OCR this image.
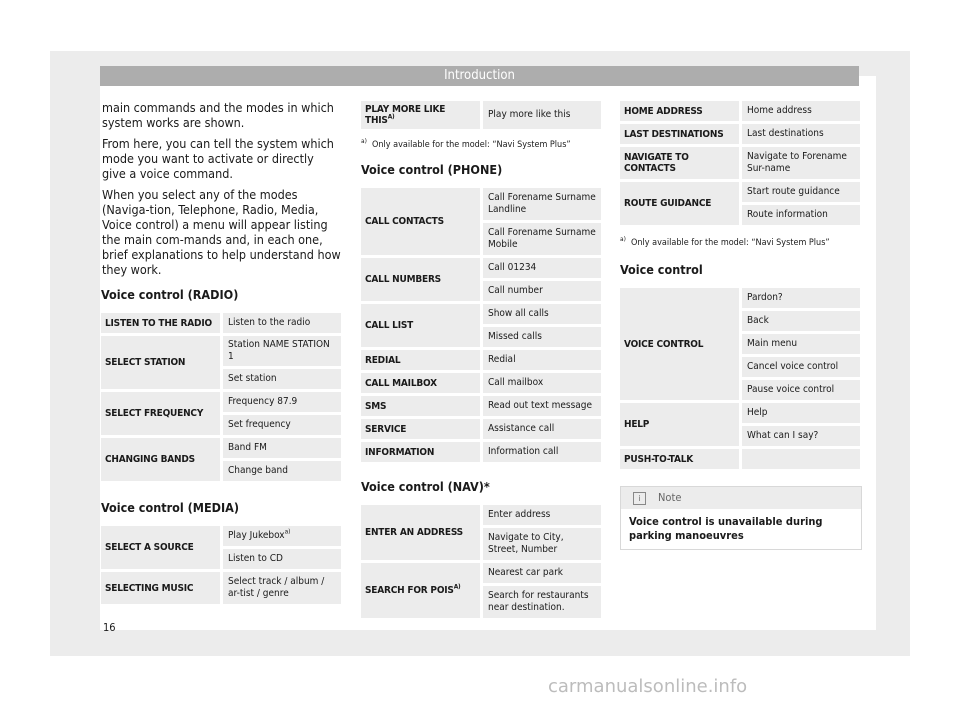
Introduction

main commands and the modes in which system works are shown.

From here, you can tell the system which mode you want to activate or directly give a voice command.

When you select any of the modes (Naviga-tion, Telephone, Radio, Media, Voice control) a menu will appear listing the main com-mands and, in each one, brief explanations to help understand how they work.

Voice control (RADIO)
LISTEN TO THE RADIO	Listen to the radio
SELECT STATION	Station NAME STATION 1
	Set station
SELECT FREQUENCY	Frequency 87.9
	Set frequency
CHANGING BANDS	Band FM
	Change band
Voice control (MEDIA)
SELECT A SOURCE	Play Jukebox$^{a)}$
	Listen to CD
SELECTING MUSIC	Select track / album / ar-tist / genre
PLAY MORE LIKE $THIS^{A)}$	Play more like this
$^{a)}$ Only available for the model: “Navi System Plus”
Voice control (PHONE)
CALL CONTACTS	Call Forename Surname Landline
	Call Forename Surname Mobile
CALL NUMBERS	Call 01234
	Call number
CALL LIST	Show all calls
	Missed calls
REDIAL	Redial
CALL MAILBOX	Call mailbox
SMS	Read out text message
SERVICE	Assistance call
INFORMATION	Information call
Voice control (NAV)*
ENTER AN ADDRESS	Enter address
	Navigate to City, Street, Number
SEARCH FOR $POIS^{A)}$	Nearest car park
	Search for restaurants near destination.
HOME ADDRESS	Home address
LAST DESTINATIONS	Last destinations
NAVIGATE TO CONTACTS	Navigate to Forename Sur-name
ROUTE GUIDANCE	Start route guidance
	Route information
$^{a)}$ Only available for the model: “Navi System Plus”
Voice control
VOICE CONTROL	Pardon?
	Back
	Main menu
	Cancel voice control
	Pause voice control
HELP	Help
	What can I say?
PUSH-TO-TALK	
i	Note
Voice control is unavailable during parking manoeuvres
16
carmanualsonline.info
